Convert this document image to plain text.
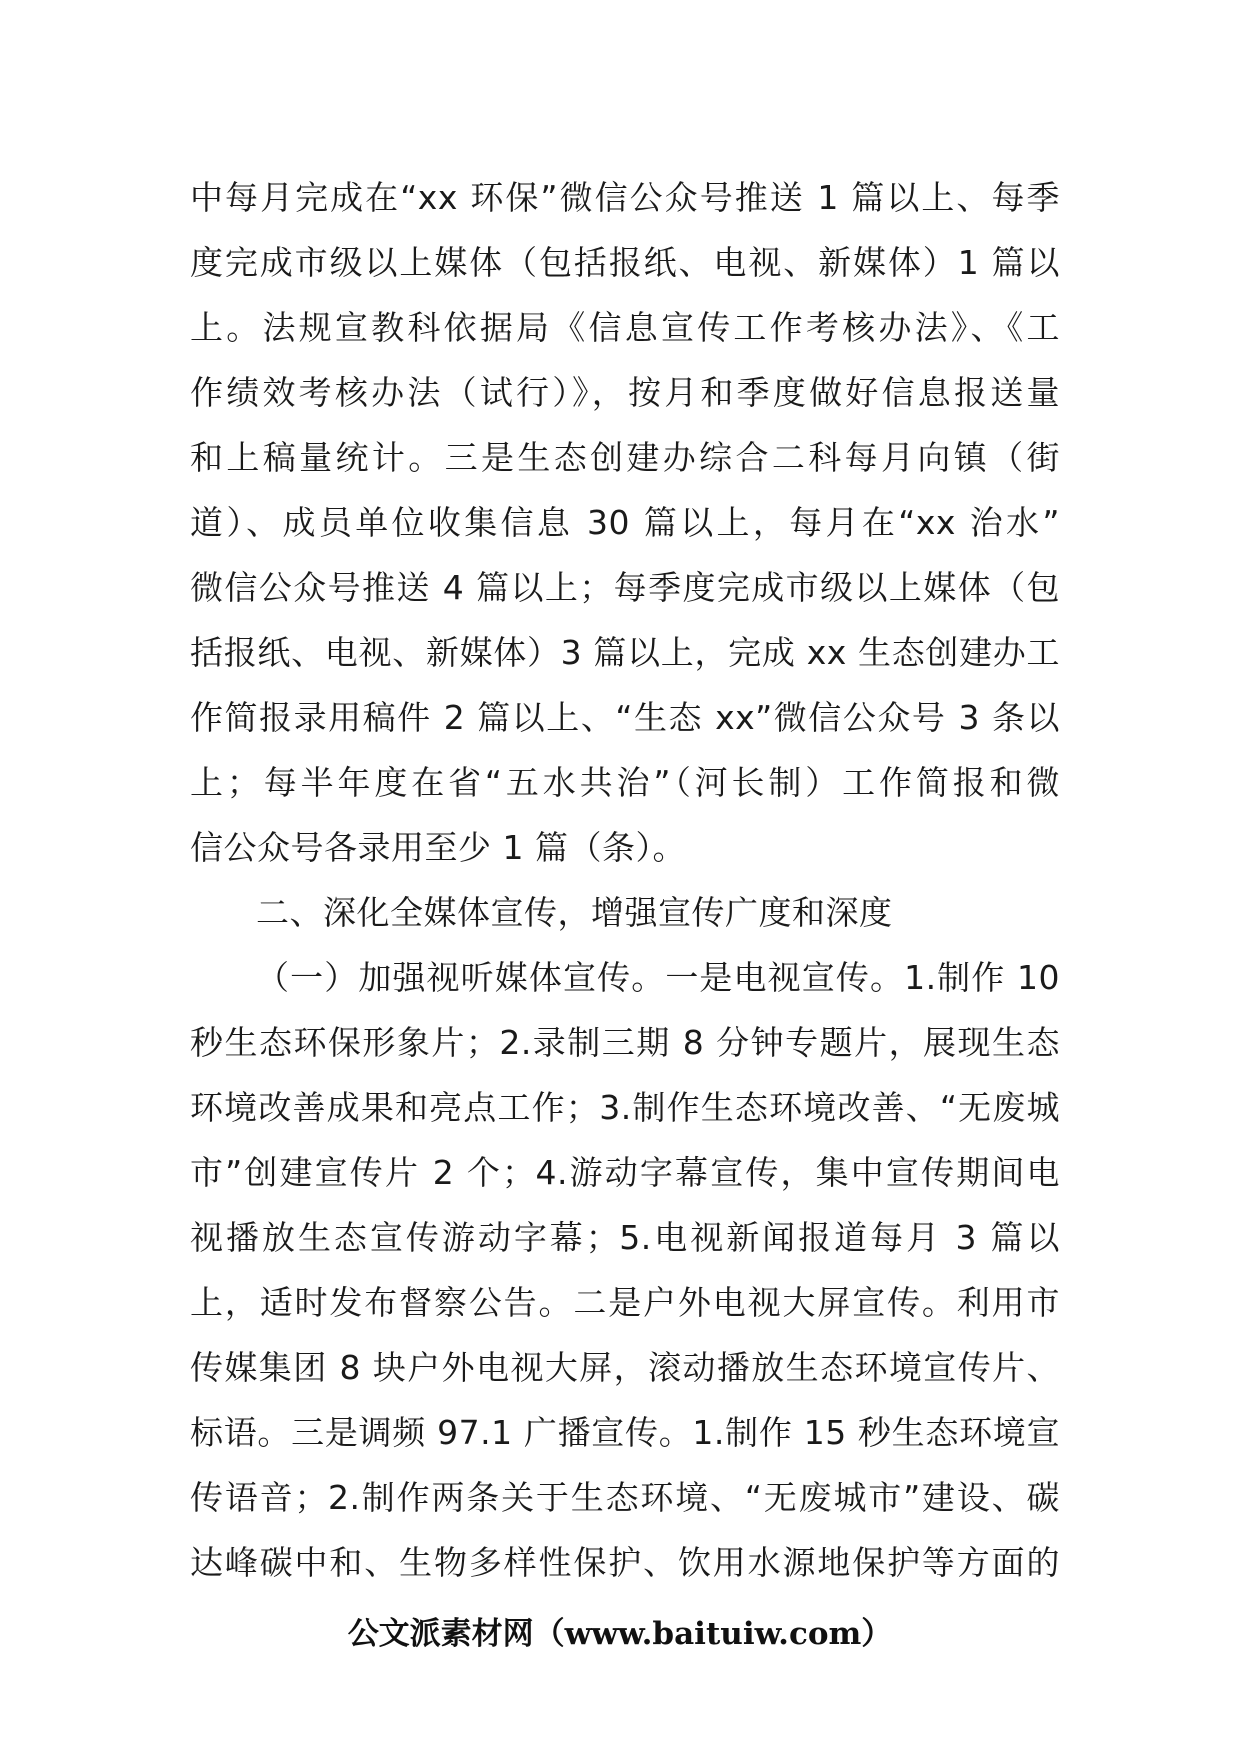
中每月完成在“xx 环保”微信公众号推送 1 篇以上、每季
度完成市级以上媒体（包括报纸、电视、新媒体）1 篇以
上。法规宣教科依据局《信息宣传工作考核办法》、《工
作绩效考核办法（试行）》，按月和季度做好信息报送量
和上稿量统计。三是生态创建办综合二科每月向镇（街
道）、成员单位收集信息 30 篇以上，每月在“xx 治水”
微信公众号推送 4 篇以上；每季度完成市级以上媒体（包
括报纸、电视、新媒体）3 篇以上，完成 xx 生态创建办工
作简报录用稿件 2 篇以上、“生态 xx”微信公众号 3 条以
上；每半年度在省“五水共治”（河长制）工作简报和微
信公众号各录用至少 1 篇（条）。
二、深化全媒体宣传，增强宣传广度和深度
（一）加强视听媒体宣传。一是电视宣传。1.制作 10
秒生态环保形象片；2.录制三期 8 分钟专题片，展现生态
环境改善成果和亮点工作；3.制作生态环境改善、“无废城
市”创建宣传片 2 个；4.游动字幕宣传，集中宣传期间电
视播放生态宣传游动字幕；5.电视新闻报道每月 3 篇以
上，适时发布督察公告。二是户外电视大屏宣传。利用市
传媒集团 8 块户外电视大屏，滚动播放生态环境宣传片、
标语。三是调频 97.1 广播宣传。1.制作 15 秒生态环境宣
传语音；2.制作两条关于生态环境、“无废城市”建设、碳
达峰碳中和、生物多样性保护、饮用水源地保护等方面的
公文派素材网（www.baituiw.com）
